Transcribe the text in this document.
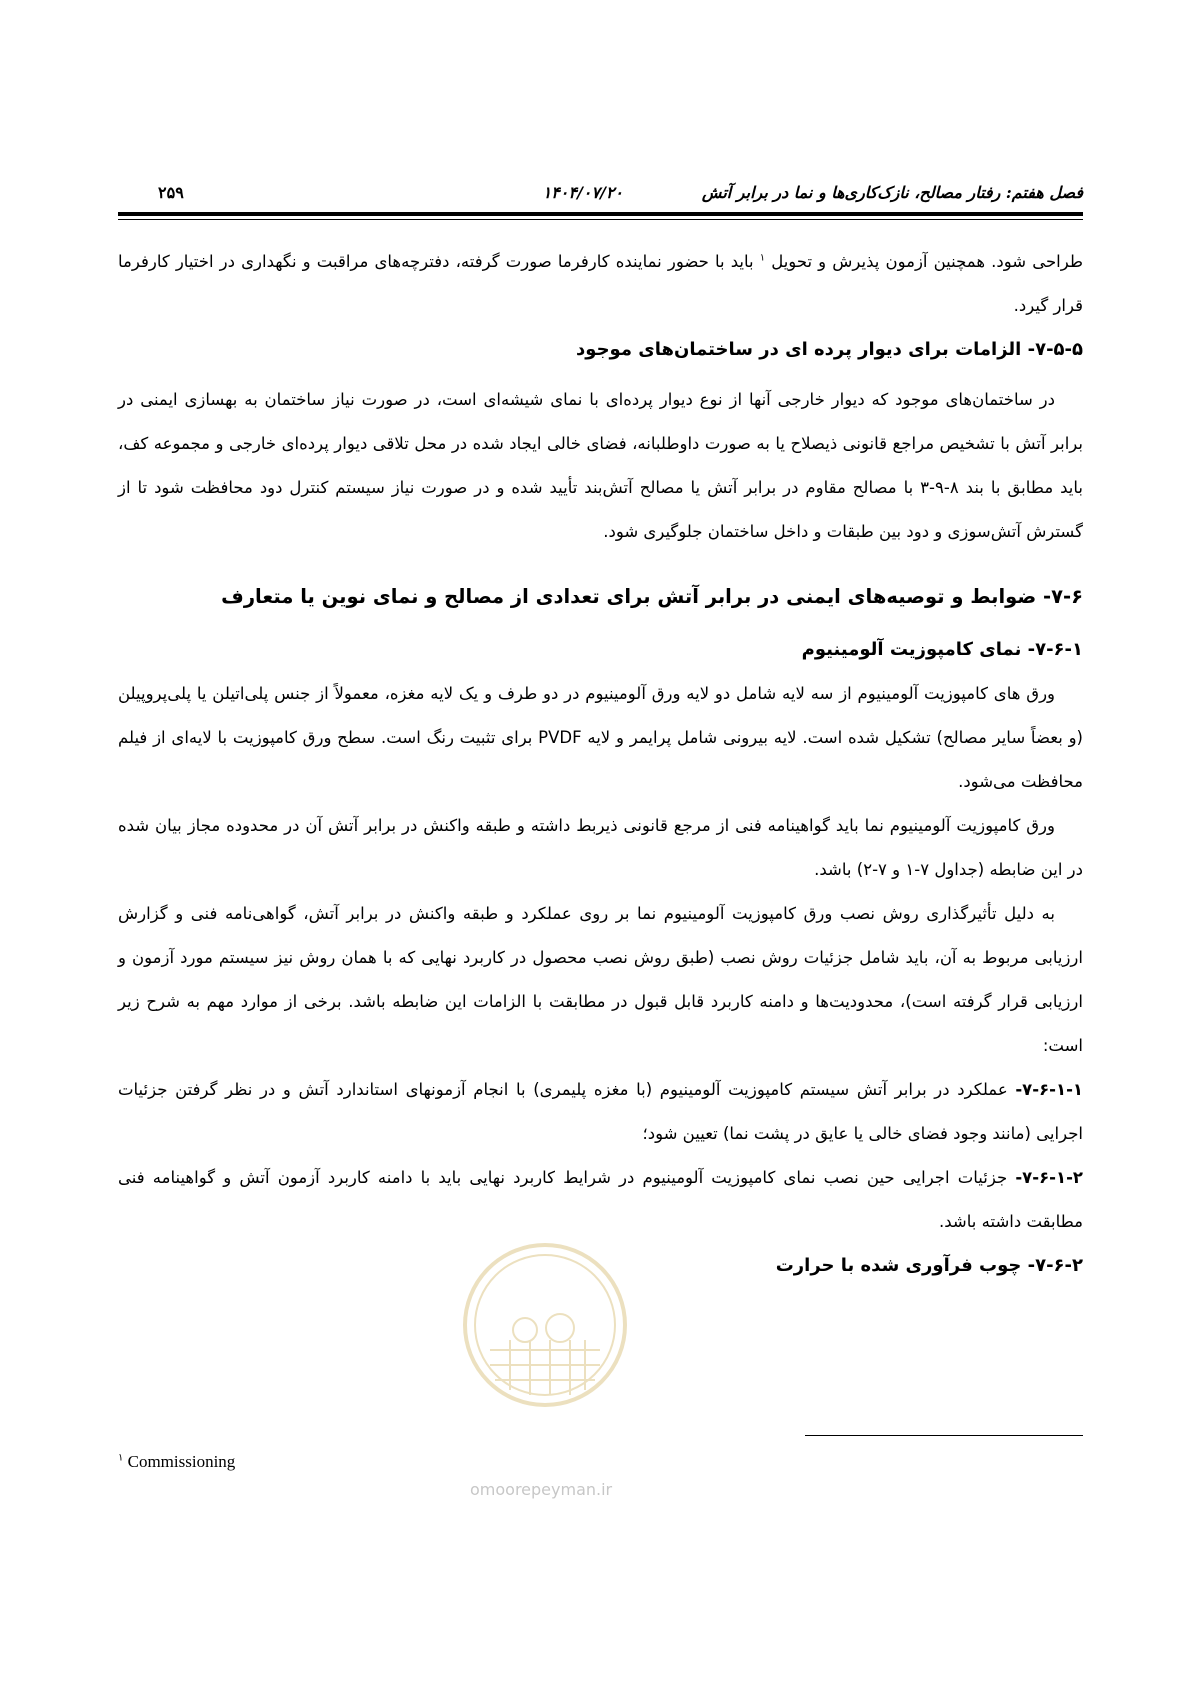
فصل هفتم: رفتار مصالح، نازک‌کاری‌ها و نما در برابر آتش
۱۴۰۴/۰۷/۲۰
۲۵۹

طراحی شود. همچنین آزمون پذیرش و تحویل $^۱$ باید با حضور نماینده کارفرما صورت گرفته، دفترچه‌های مراقبت و نگهداری در اختیار کارفرما قرار گیرد.

۷-۵-۵- الزامات برای دیوار پرده ای در ساختمان‌های موجود

در ساختمان‌های موجود که دیوار خارجی آنها از نوع دیوار پرده‌ای با نمای شیشه‌ای است، در صورت نیاز ساختمان به بهسازی ایمنی در برابر آتش با تشخیص مراجع قانونی ذیصلاح یا به صورت داوطلبانه، فضای خالی ایجاد شده در محل تلاقی دیوار پرده‌ای خارجی و مجموعه کف، باید مطابق با بند ۸-۹-۳ با مصالح مقاوم در برابر آتش یا مصالح آتش‌بند تأیید شده و در صورت نیاز سیستم کنترل دود محافظت شود تا از گسترش آتش‌سوزی و دود بین طبقات و داخل ساختمان جلوگیری شود.

۷-۶- ضوابط و توصیه‌های ایمنی در برابر آتش برای تعدادی از مصالح و نمای نوین یا متعارف
۷-۶-۱- نمای کامپوزیت آلومینیوم

ورق های کامپوزیت آلومینیوم از سه لایه شامل دو لایه ورق آلومینیوم در دو طرف و یک لایه مغزه، معمولاً از جنس پلی‌اتیلن یا پلی‌پروپیلن (و بعضاً سایر مصالح) تشکیل شده است. لایه بیرونی شامل پرایمر و لایه PVDF برای تثبیت رنگ است. سطح ورق کامپوزیت با لایه‌ای از فیلم محافظت می‌شود.

ورق کامپوزیت آلومینیوم نما باید گواهینامه فنی از مرجع قانونی ذیربط داشته و طبقه واکنش در برابر آتش آن در محدوده مجاز بیان شده در این ضابطه (جداول ۷-۱ و ۷-۲) باشد.

به دلیل تأثیرگذاری روش نصب ورق کامپوزیت آلومینیوم نما بر روی عملکرد و طبقه واکنش در برابر آتش، گواهی‌نامه فنی و گزارش ارزیابی مربوط به آن، باید شامل جزئیات روش نصب (طبق روش نصب محصول در کاربرد نهایی که با همان روش نیز سیستم مورد آزمون و ارزیابی قرار گرفته است)، محدودیت‌ها و دامنه کاربرد قابل قبول در مطابقت با الزامات این ضابطه باشد. برخی از موارد مهم به شرح زیر است:

۷-۶-۱-۱- عملکرد در برابر آتش سیستم کامپوزیت آلومینیوم (با مغزه پلیمری) با انجام آزمونهای استاندارد آتش و در نظر گرفتن جزئیات اجرایی (مانند وجود فضای خالی یا عایق در پشت نما) تعیین شود؛

۷-۶-۱-۲- جزئیات اجرایی حین نصب نمای کامپوزیت آلومینیوم در شرایط کاربرد نهایی باید با دامنه کاربرد آزمون آتش و گواهینامه فنی مطابقت داشته باشد.

۷-۶-۲- چوب فرآوری شده با حرارت
omoorepeyman.ir
$^۱$ Commissioning
